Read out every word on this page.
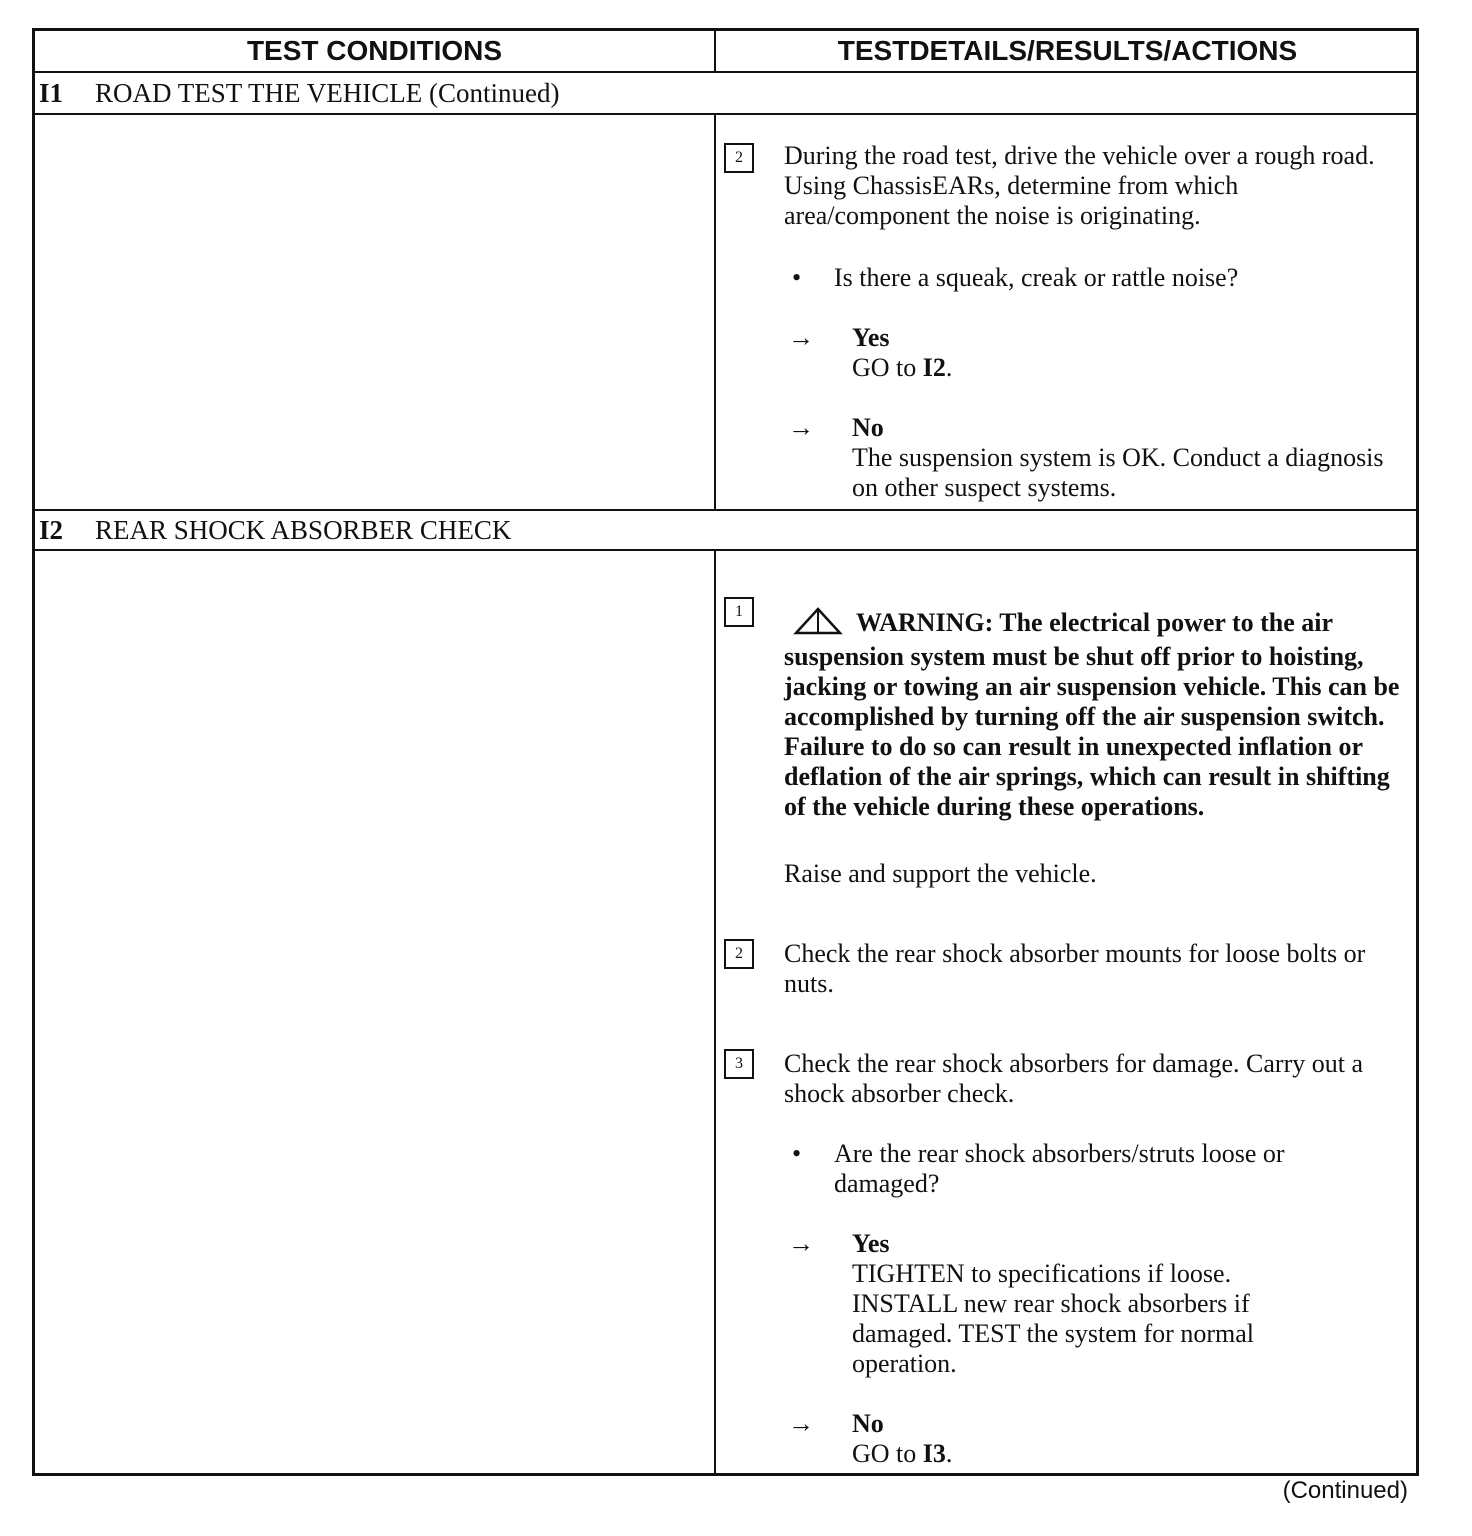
TEST CONDITIONS	TESTDETAILS/RESULTS/ACTIONS
I1 ROAD TEST THE VEHICLE (Continued)
2	During the road test, drive the vehicle over a rough road. Using ChassisEARs, determine from which area/component the noise is originating.
• Is there a squeak, creak or rattle noise?
→ Yes
GO to I2.
→ No
The suspension system is OK. Conduct a diagnosis on other suspect systems.
I2 REAR SHOCK ABSORBER CHECK
1	WARNING: The electrical power to the air suspension system must be shut off prior to hoisting, jacking or towing an air suspension vehicle. This can be accomplished by turning off the air suspension switch. Failure to do so can result in unexpected inflation or deflation of the air springs, which can result in shifting of the vehicle during these operations.
Raise and support the vehicle.
2	Check the rear shock absorber mounts for loose bolts or nuts.
3	Check the rear shock absorbers for damage. Carry out a shock absorber check.
• Are the rear shock absorbers/struts loose or damaged?
→ Yes
TIGHTEN to specifications if loose. INSTALL new rear shock absorbers if damaged. TEST the system for normal operation.
→ No
GO to I3.
(Continued)
